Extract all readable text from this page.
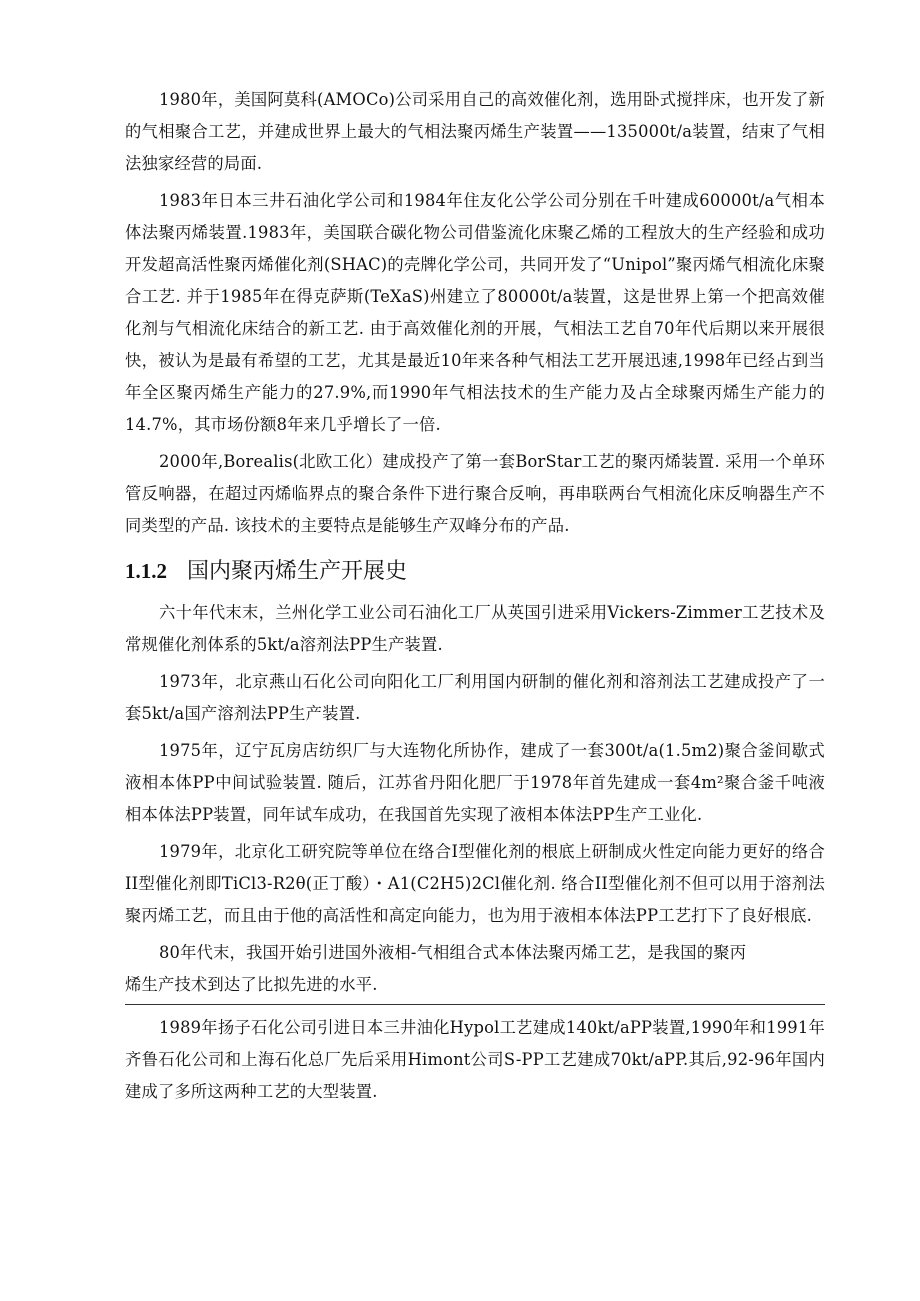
1980年，美国阿莫科(AMOCo)公司采用自己的高效催化剂，选用卧式搅拌床，也开发了新的气相聚合工艺，并建成世界上最大的气相法聚丙烯生产装置——135000t/a装置，结束了气相法独家经营的局面.

1983年日本三井石油化学公司和1984年住友化公学公司分别在千叶建成60000t/a气相本体法聚丙烯装置.1983年，美国联合碳化物公司借鉴流化床聚乙烯的工程放大的生产经验和成功开发超高活性聚丙烯催化剂(SHAC)的壳牌化学公司，共同开发了“Unipol”聚丙烯气相流化床聚合工艺. 并于1985年在得克萨斯(TeXaS)州建立了80000t/a装置，这是世界上第一个把高效催化剂与气相流化床结合的新工艺. 由于高效催化剂的开展，气相法工艺自70年代后期以来开展很快，被认为是最有希望的工艺，尤其是最近10年来各种气相法工艺开展迅速,1998年已经占到当年全区聚丙烯生产能力的27.9%,而1990年气相法技术的生产能力及占全球聚丙烯生产能力的14.7%，其市场份额8年来几乎增长了一倍.

2000年,Borealis(北欧工化）建成投产了第一套BorStar工艺的聚丙烯装置. 采用一个单环管反响器，在超过丙烯临界点的聚合条件下进行聚合反响，再串联两台气相流化床反响器生产不同类型的产品. 该技术的主要特点是能够生产双峰分布的产品.

1.1.2 国内聚丙烯生产开展史

六十年代末末，兰州化学工业公司石油化工厂从英国引进采用Vickers-Zimmer工艺技术及常规催化剂体系的5kt/a溶剂法PP生产装置.

1973年，北京燕山石化公司向阳化工厂利用国内研制的催化剂和溶剂法工艺建成投产了一套5kt/a国产溶剂法PP生产装置.

1975年，辽宁瓦房店纺织厂与大连物化所协作，建成了一套300t/a(1.5m2)聚合釜间歇式液相本体PP中间试验装置. 随后，江苏省丹阳化肥厂于1978年首先建成一套4m²聚合釜千吨液相本体法PP装置，同年试车成功，在我国首先实现了液相本体法PP生产工业化.

1979年，北京化工研究院等单位在络合I型催化剂的根底上研制成火性定向能力更好的络合II型催化剂即TiCl3-R2θ(正丁酸）・A1(C2H5)2Cl催化剂. 络合II型催化剂不但可以用于溶剂法聚丙烯工艺，而且由于他的高活性和高定向能力，也为用于液相本体法PP工艺打下了良好根底.

80年代末，我国开始引进国外液相-气相组合式本体法聚丙烯工艺，是我国的聚丙

烯生产技术到达了比拟先进的水平.

1989年扬子石化公司引进日本三井油化Hypol工艺建成140kt/aPP装置,1990年和1991年齐鲁石化公司和上海石化总厂先后采用Himont公司S-PP工艺建成70kt/aPP.其后,92-96年国内建成了多所这两种工艺的大型装置.
